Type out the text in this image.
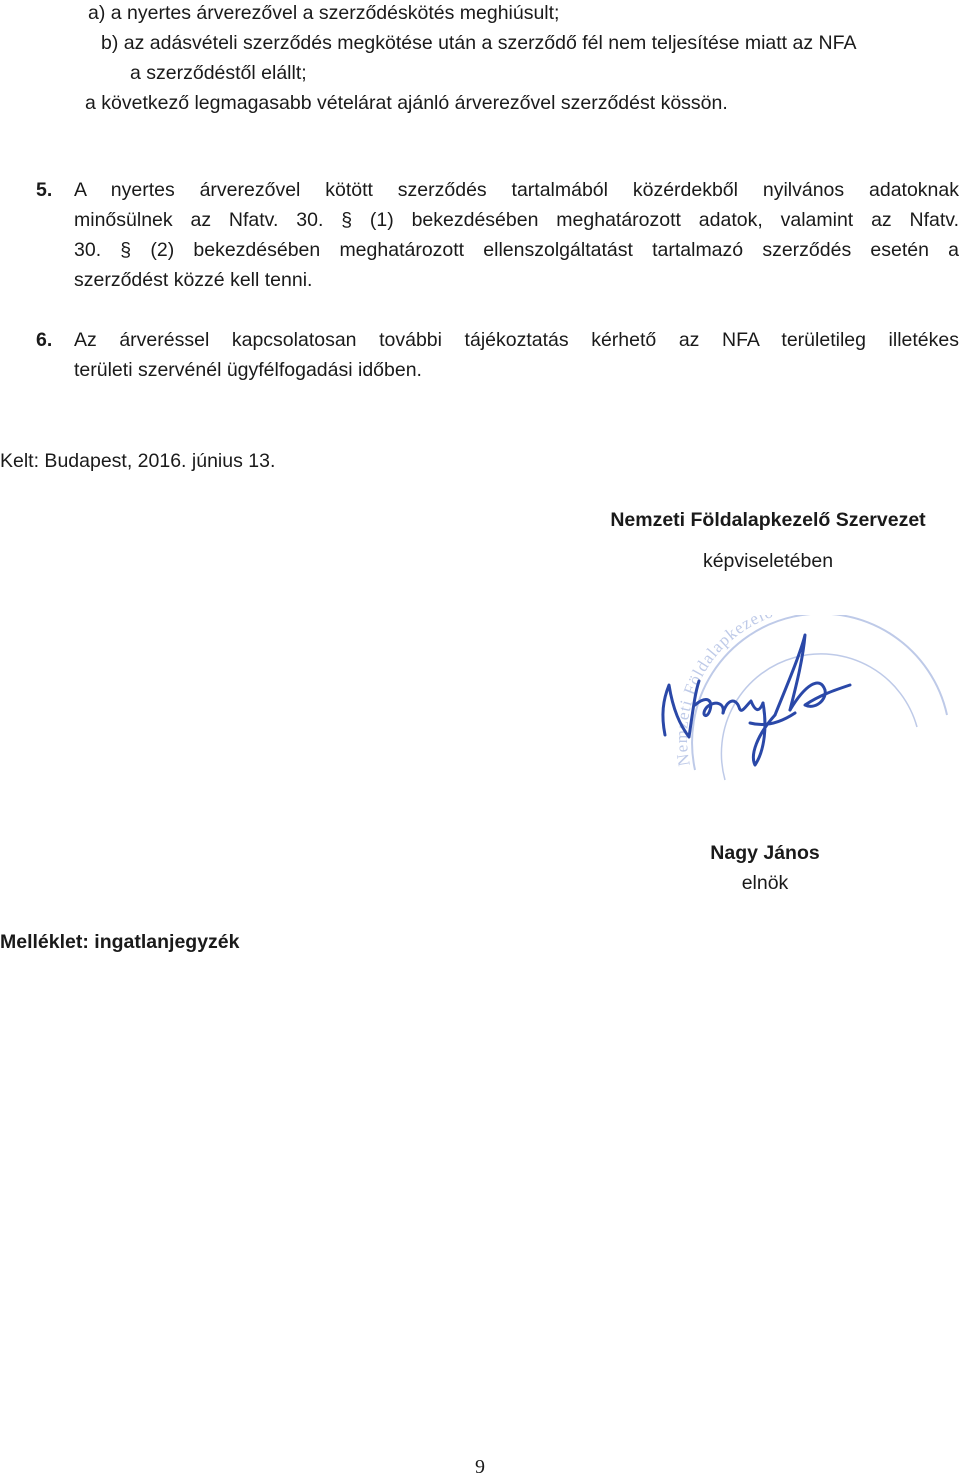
a) a nyertes árverezővel a szerződéskötés meghiúsult;
b) az adásvételi szerződés megkötése után a szerződő fél nem teljesítése miatt az NFA
a szerződéstől elállt;
a következő legmagasabb vételárat ajánló árverezővel szerződést kössön.
5. A nyertes árverezővel kötött szerződés tartalmából közérdekből nyilvános adatoknak
minősülnek az Nfatv. 30. § (1) bekezdésében meghatározott adatok, valamint az Nfatv.
30. § (2) bekezdésében meghatározott ellenszolgáltatást tartalmazó szerződés esetén a
szerződést közzé kell tenni.
6. Az árveréssel kapcsolatosan további tájékoztatás kérhető az NFA területileg illetékes
területi szervénél ügyfélfogadási időben.
Kelt: Budapest, 2016. június 13.
Nemzeti Földalapkezelő Szervezet
képviseletében
Nemzeti Földalapkezel
Nagy János
elnök
Melléklet: ingatlanjegyzék
9
